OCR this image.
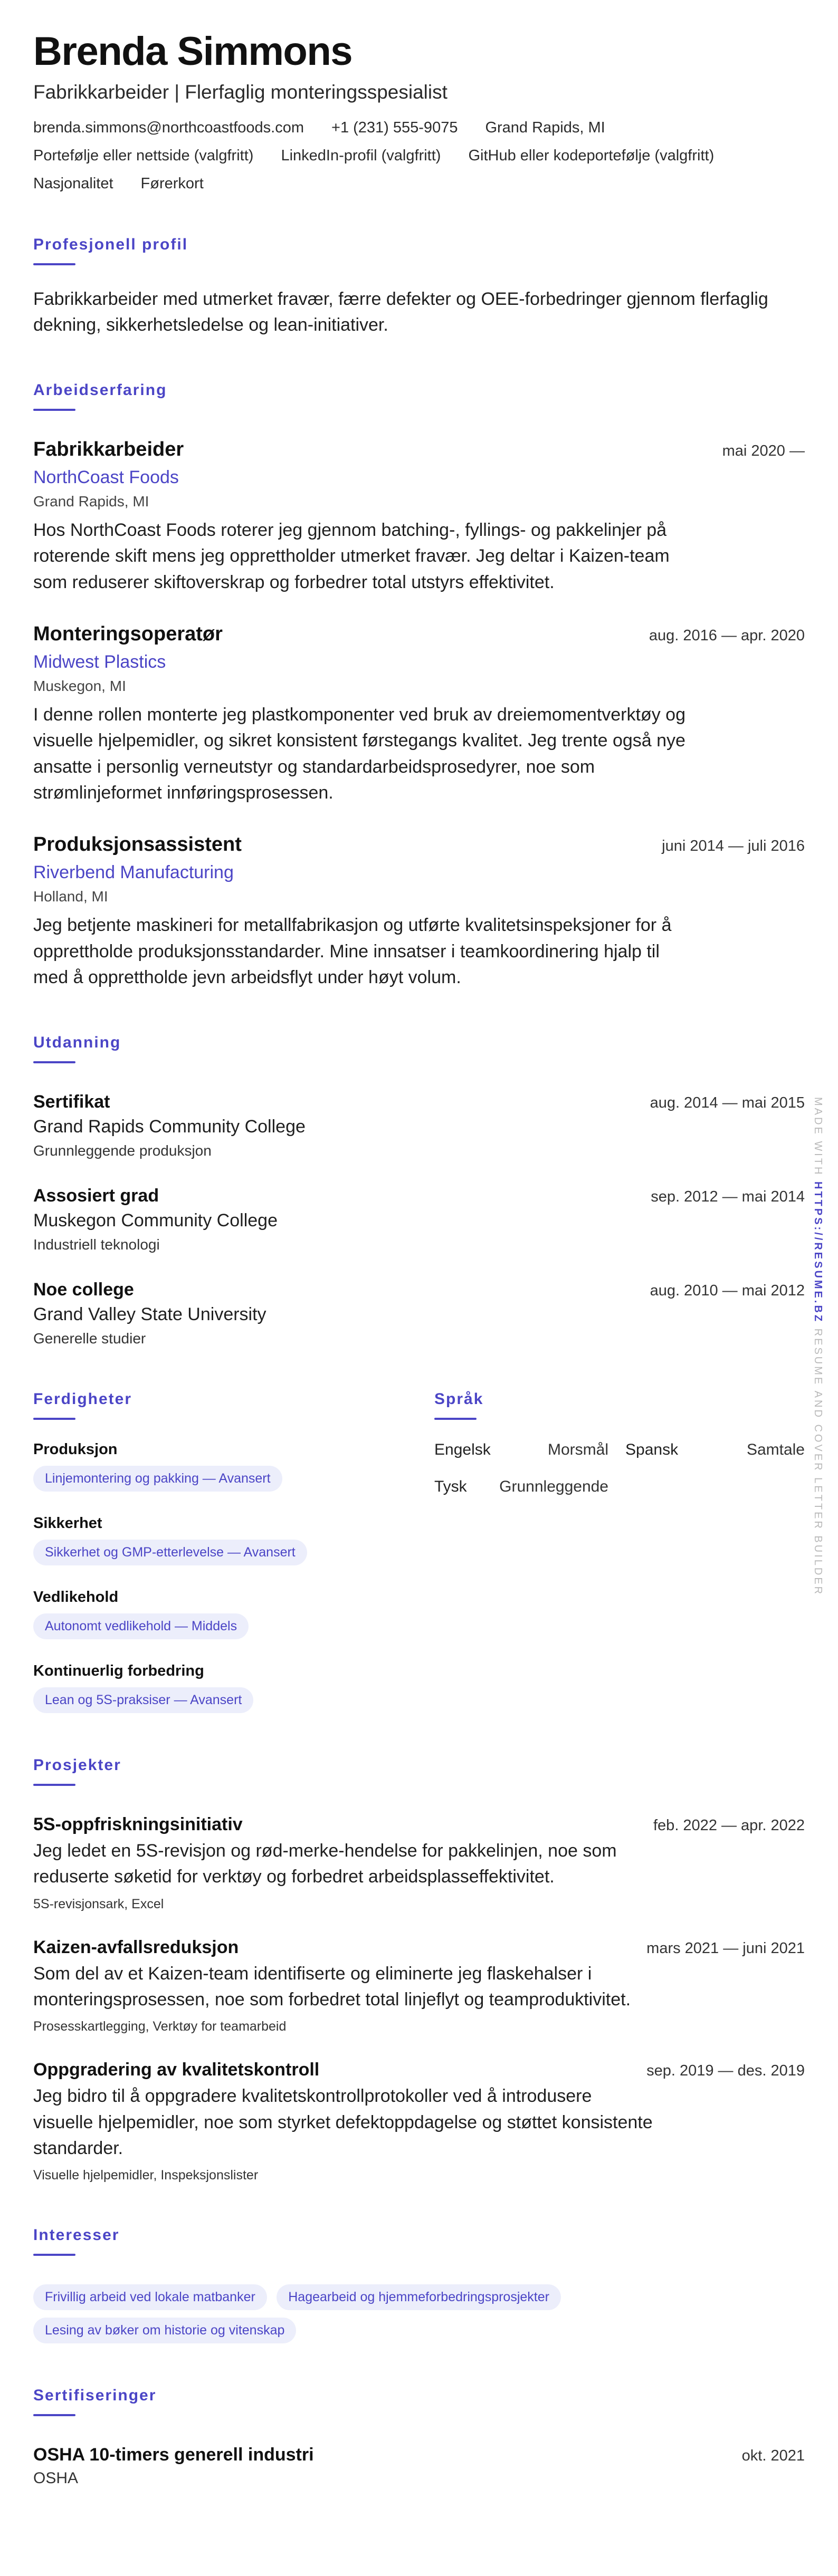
Brenda Simmons
Fabrikkarbeider | Flerfaglig monteringsspesialist
brenda.simmons@northcoastfoods.com +1 (231) 555-9075 Grand Rapids, MI
Portefølje eller nettside (valgfritt) LinkedIn-profil (valgfritt) GitHub eller kodeportefølje (valgfritt)
Nasjonalitet Førerkort
Profesjonell profil

Fabrikkarbeider med utmerket fravær, færre defekter og OEE-forbedringer gjennom flerfaglig dekning, sikkerhetsledelse og lean-initiativer.

Arbeidserfaring
Fabrikkarbeider	mai 2020 —
NorthCoast Foods
Grand Rapids, MI

Hos NorthCoast Foods roterer jeg gjennom batching-, fyllings- og pakkelinjer på roterende skift mens jeg opprettholder utmerket fravær. Jeg deltar i Kaizen-team som reduserer skiftoverskrap og forbedrer total utstyrs effektivitet.

Monteringsoperatør	aug. 2016 — apr. 2020
Midwest Plastics
Muskegon, MI

I denne rollen monterte jeg plastkomponenter ved bruk av dreiemomentverktøy og visuelle hjelpemidler, og sikret konsistent førstegangs kvalitet. Jeg trente også nye ansatte i personlig verneutstyr og standardarbeidsprosedyrer, noe som strømlinjeformet innføringsprosessen.

Produksjonsassistent	juni 2014 — juli 2016
Riverbend Manufacturing
Holland, MI

Jeg betjente maskineri for metallfabrikasjon og utførte kvalitetsinspeksjoner for å opprettholde produksjonsstandarder. Mine innsatser i teamkoordinering hjalp til med å opprettholde jevn arbeidsflyt under høyt volum.

Utdanning
Sertifikat	aug. 2014 — mai 2015
Grand Rapids Community College
Grunnleggende produksjon
Assosiert grad	sep. 2012 — mai 2014
Muskegon Community College
Industriell teknologi
Noe college	aug. 2010 — mai 2012
Grand Valley State University
Generelle studier
Ferdigheter
Produksjon
Linjemontering og pakking — Avansert
Sikkerhet
Sikkerhet og GMP-etterlevelse — Avansert
Vedlikehold
Autonomt vedlikehold — Middels
Kontinuerlig forbedring
Lean og 5S-praksiser — Avansert
Språk
Engelsk	Morsmål Spansk	Samtale
Tysk Grunnleggende
Prosjekter
5S-oppfriskningsinitiativ	feb. 2022 — apr. 2022

Jeg ledet en 5S-revisjon og rød-merke-hendelse for pakkelinjen, noe som reduserte søketid for verktøy og forbedret arbeidsplasseffektivitet.

5S-revisjonsark, Excel
Kaizen-avfallsreduksjon	mars 2021 — juni 2021

Som del av et Kaizen-team identifiserte og eliminerte jeg flaskehalser i monteringsprosessen, noe som forbedret total linjeflyt og teamproduktivitet.

Prosesskartlegging, Verktøy for teamarbeid
Oppgradering av kvalitetskontroll	sep. 2019 — des. 2019

Jeg bidro til å oppgradere kvalitetskontrollprotokoller ved å introdusere visuelle hjelpemidler, noe som styrket defektoppdagelse og støttet konsistente standarder.

Visuelle hjelpemidler, Inspeksjonslister
Interesser
Frivillig arbeid ved lokale matbanker Hagearbeid og hjemmeforbedringsprosjekter
Lesing av bøker om historie og vitenskap
Sertifiseringer
OSHA 10-timers generell industri	okt. 2021
OSHA
MADE WITH HTTPS://RESUME.BZ RESUME AND COVER LETTER BUILDER
